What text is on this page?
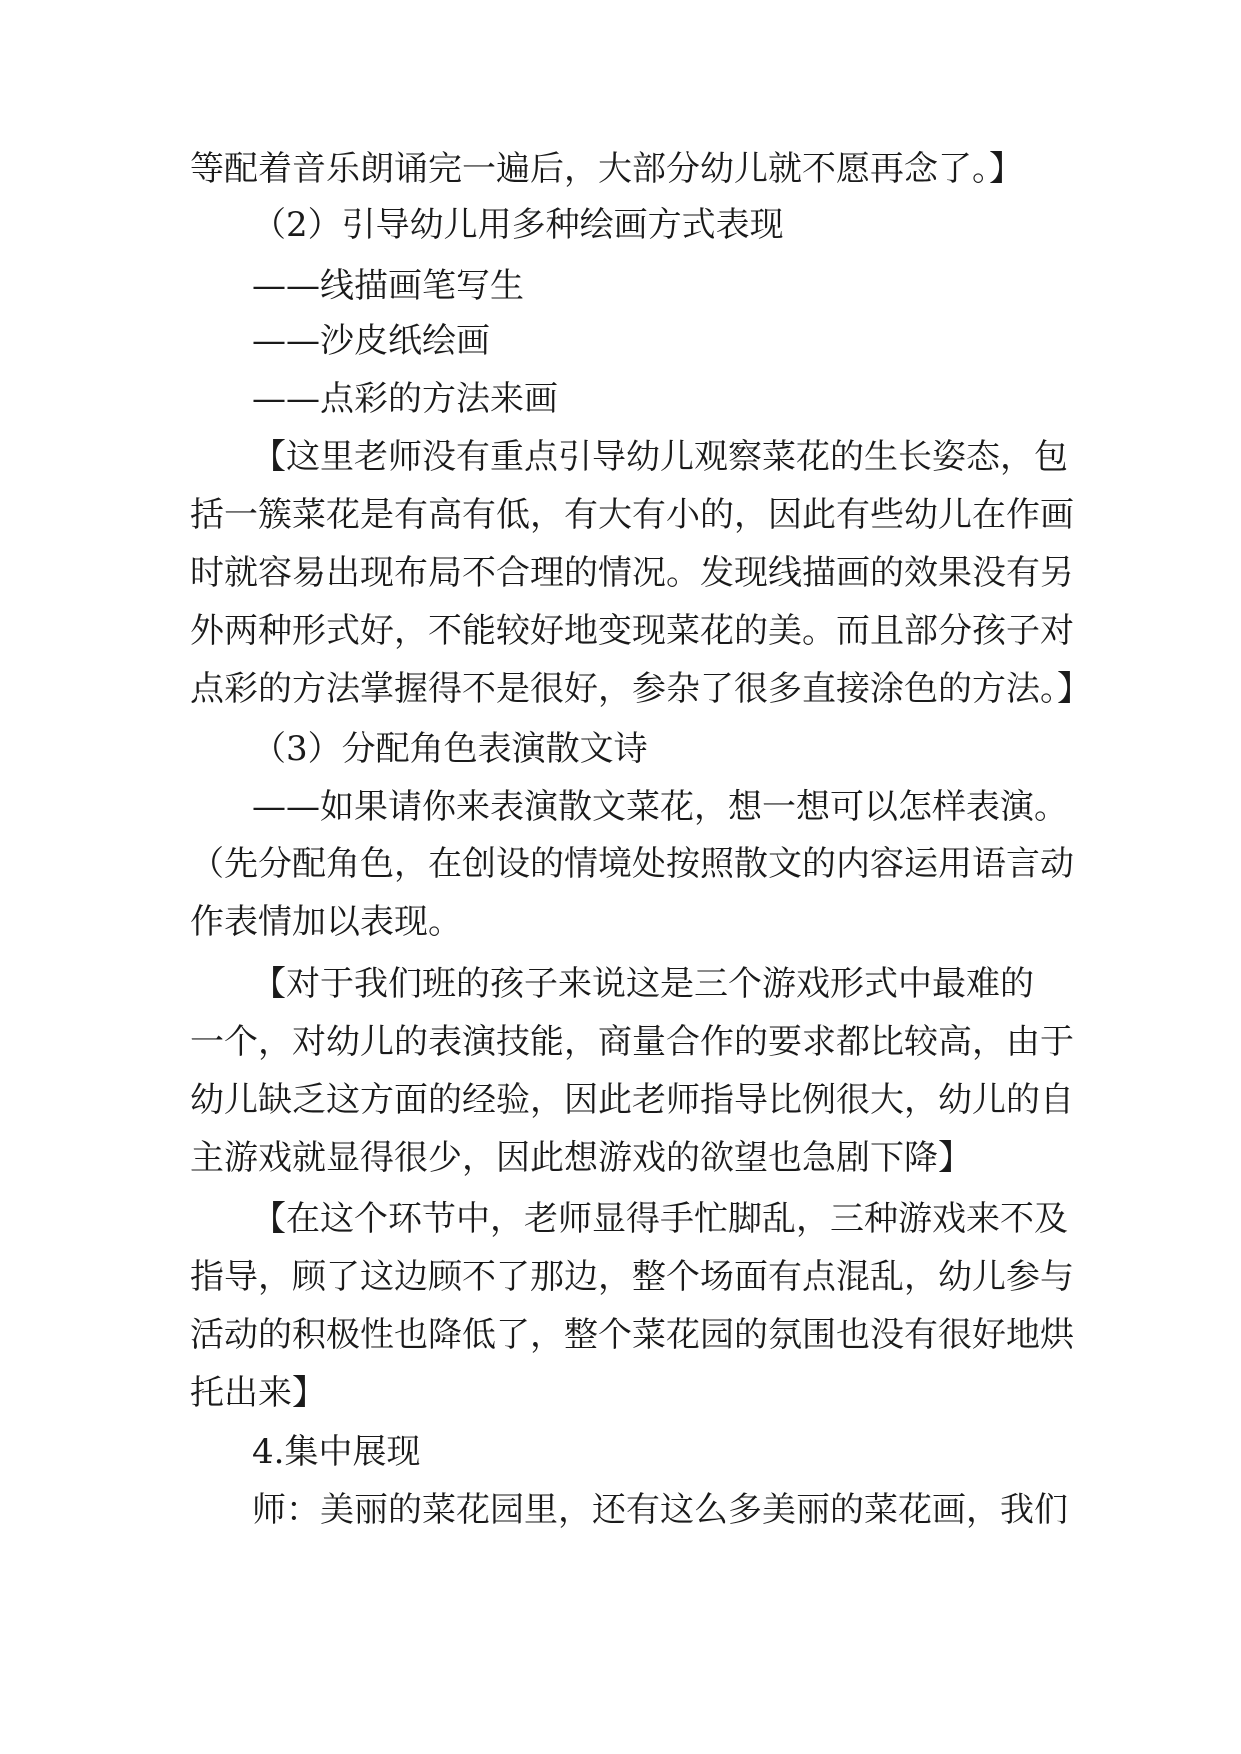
等配着音乐朗诵完一遍后，大部分幼儿就不愿再念了。】
（2）引导幼儿用多种绘画方式表现
——线描画笔写生
——沙皮纸绘画
——点彩的方法来画
【这里老师没有重点引导幼儿观察菜花的生长姿态，包
括一簇菜花是有高有低，有大有小的，因此有些幼儿在作画
时就容易出现布局不合理的情况。发现线描画的效果没有另
外两种形式好，不能较好地变现菜花的美。而且部分孩子对
点彩的方法掌握得不是很好，参杂了很多直接涂色的方法。】
（3）分配角色表演散文诗
——如果请你来表演散文菜花，想一想可以怎样表演。
（先分配角色，在创设的情境处按照散文的内容运用语言动
作表情加以表现。
【对于我们班的孩子来说这是三个游戏形式中最难的
一个，对幼儿的表演技能，商量合作的要求都比较高，由于
幼儿缺乏这方面的经验，因此老师指导比例很大，幼儿的自
主游戏就显得很少，因此想游戏的欲望也急剧下降】
【在这个环节中，老师显得手忙脚乱，三种游戏来不及
指导，顾了这边顾不了那边，整个场面有点混乱，幼儿参与
活动的积极性也降低了，整个菜花园的氛围也没有很好地烘
托出来】
4.集中展现
师：美丽的菜花园里，还有这么多美丽的菜花画，我们
